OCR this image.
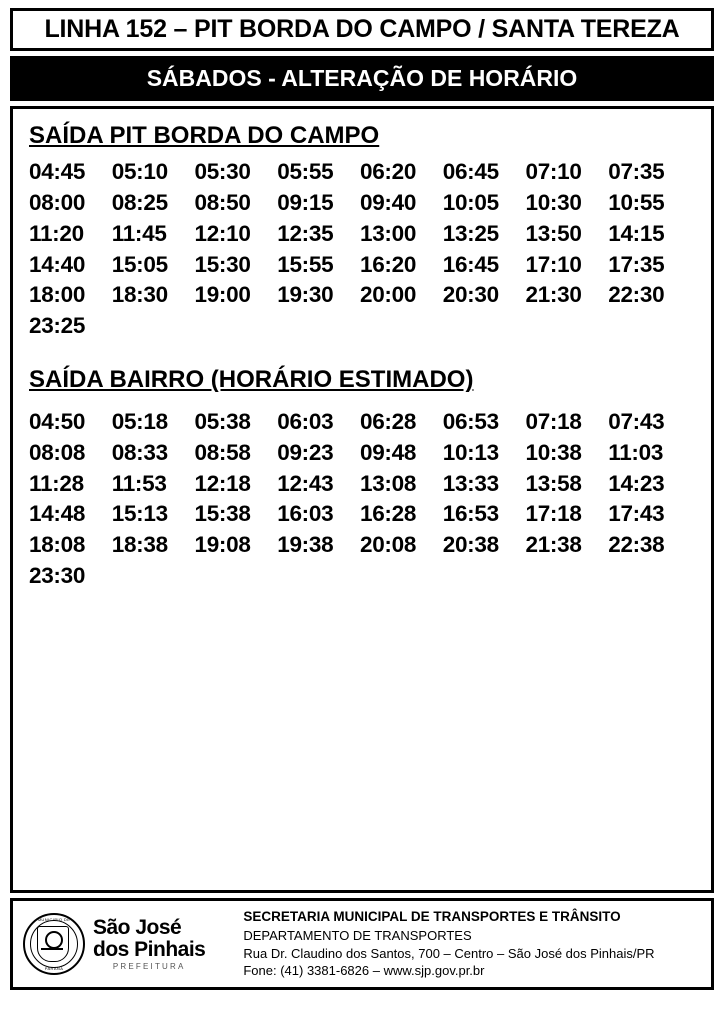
LINHA 152 – PIT BORDA DO CAMPO / SANTA TEREZA
SÁBADOS - ALTERAÇÃO DE HORÁRIO
SAÍDA PIT BORDA DO CAMPO
04:45	05:10	05:30	05:55	06:20	06:45	07:10	07:35
08:00	08:25	08:50	09:15	09:40	10:05	10:30	10:55
11:20	11:45	12:10	12:35	13:00	13:25	13:50	14:15
14:40	15:05	15:30	15:55	16:20	16:45	17:10	17:35
18:00	18:30	19:00	19:30	20:00	20:30	21:30	22:30
23:25
SAÍDA BAIRRO (HORÁRIO ESTIMADO)
04:50	05:18	05:38	06:03	06:28	06:53	07:18	07:43
08:08	08:33	08:58	09:23	09:48	10:13	10:38	11:03
11:28	11:53	12:18	12:43	13:08	13:33	13:58	14:23
14:48	15:13	15:38	16:03	16:28	16:53	17:18	17:43
18:08	18:38	19:08	19:38	20:08	20:38	21:38	22:38
23:30
MUNICIPIO DE
PARANÁ
São José
dos Pinhais
PREFEITURA
SECRETARIA MUNICIPAL DE TRANSPORTES E TRÂNSITO
DEPARTAMENTO DE TRANSPORTES
Rua Dr. Claudino dos Santos, 700 – Centro – São José dos Pinhais/PR
Fone: (41) 3381-6826 – www.sjp.gov.pr.br
